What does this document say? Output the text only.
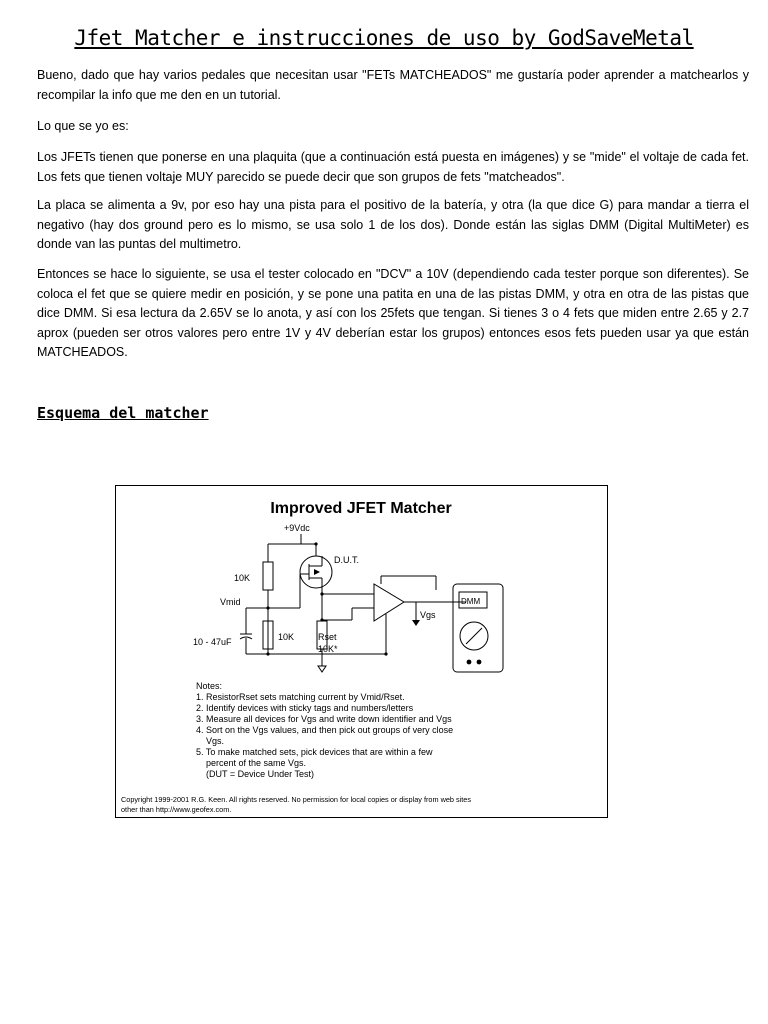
Jfet Matcher e instrucciones de uso by GodSaveMetal

Bueno, dado que hay varios pedales que necesitan usar "FETs MATCHEADOS" me gustaría poder aprender a matchearlos y recompilar la info que me den en un tutorial.

Lo que se yo es:

Los JFETs tienen que ponerse en una plaquita (que a continuación está puesta en imágenes) y se "mide" el voltaje de cada fet. Los fets que tienen voltaje MUY parecido se puede decir que son grupos de fets "matcheados".

La placa se alimenta a 9v, por eso hay una pista para el positivo de la batería, y otra (la que dice G) para mandar a tierra el negativo (hay dos ground pero es lo mismo, se usa solo 1 de los dos). Donde están las siglas DMM (Digital MultiMeter) es donde van las puntas del multimetro.

Entonces se hace lo siguiente, se usa el tester colocado en "DCV" a 10V (dependiendo cada tester porque son diferentes). Se coloca el fet que se quiere medir en posición, y se pone una patita en una de las pistas DMM, y otra en otra de las pistas que dice DMM. Si esa lectura da 2.65V se lo anota, y así con los 25fets que tengan. Si tienes 3 o 4 fets que miden entre 2.65 y 2.7 aprox (pueden ser otros valores pero entre 1V y 4V deberían estar los grupos) entonces esos fets pueden usar ya que están MATCHEADOS.

Esquema del matcher
Improved JFET Matcher
+9Vdc
D.U.T.
10K
Vmid
10 - 47uF	10K	Rset
10K*
Vgs
DMM
Notes:
1. ResistorRset sets matching current by Vmid/Rset.
2. Identify devices with sticky tags and numbers/letters
3. Measure all devices for Vgs and write down identifier and Vgs
4. Sort on the Vgs values, and then pick out groups of very close
Vgs.
5. To make matched sets, pick devices that are within a few
percent of the same Vgs.
(DUT = Device Under Test)
Copyright 1999-2001 R.G. Keen. All rights reserved. No permission for local copies or display from web sites
other than http://www.geofex.com.
